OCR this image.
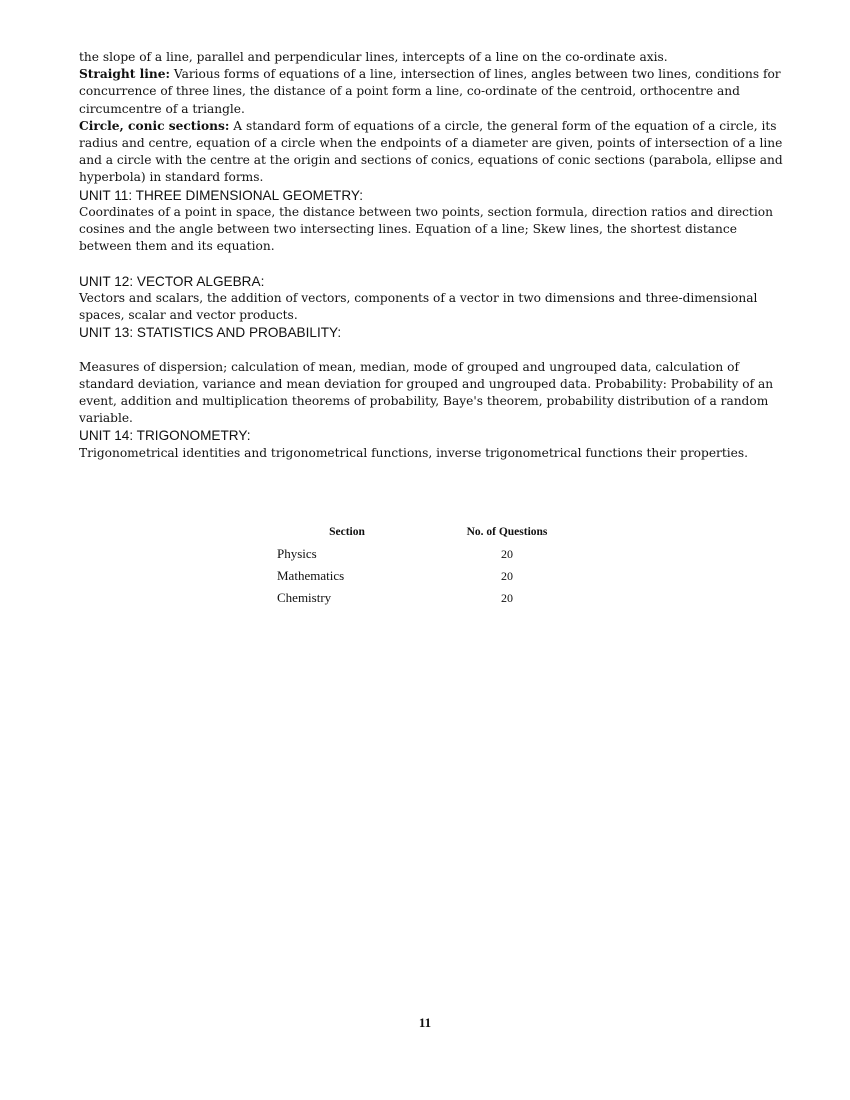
the slope of a line, parallel and perpendicular lines, intercepts of a line on the co-ordinate axis.

Straight line: Various forms of equations of a line, intersection of lines, angles between two lines, conditions for concurrence of three lines, the distance of a point form a line, co-ordinate of the centroid, orthocentre and circumcentre of a triangle.

Circle, conic sections: A standard form of equations of a circle, the general form of the equation of a circle, its radius and centre, equation of a circle when the endpoints of a diameter are given, points of intersection of a line and a circle with the centre at the origin and sections of conics, equations of conic sections (parabola, ellipse and hyperbola) in standard forms.

UNIT 11: THREE DIMENSIONAL GEOMETRY:

Coordinates of a point in space, the distance between two points, section formula, direction ratios and direction cosines and the angle between two intersecting lines. Equation of a line; Skew lines, the shortest distance between them and its equation.

UNIT 12: VECTOR ALGEBRA:

Vectors and scalars, the addition of vectors, components of a vector in two dimensions and three-dimensional spaces, scalar and vector products.

UNIT 13: STATISTICS AND PROBABILITY:

Measures of dispersion; calculation of mean, median, mode of grouped and ungrouped data, calculation of standard deviation, variance and mean deviation for grouped and ungrouped data. Probability: Probability of an event, addition and multiplication theorems of probability, Baye's theorem, probability distribution of a random variable.

UNIT 14: TRIGONOMETRY:

Trigonometrical identities and trigonometrical functions, inverse trigonometrical functions their properties.

Section	No. of Questions
Physics	20
Mathematics	20
Chemistry	20
11
